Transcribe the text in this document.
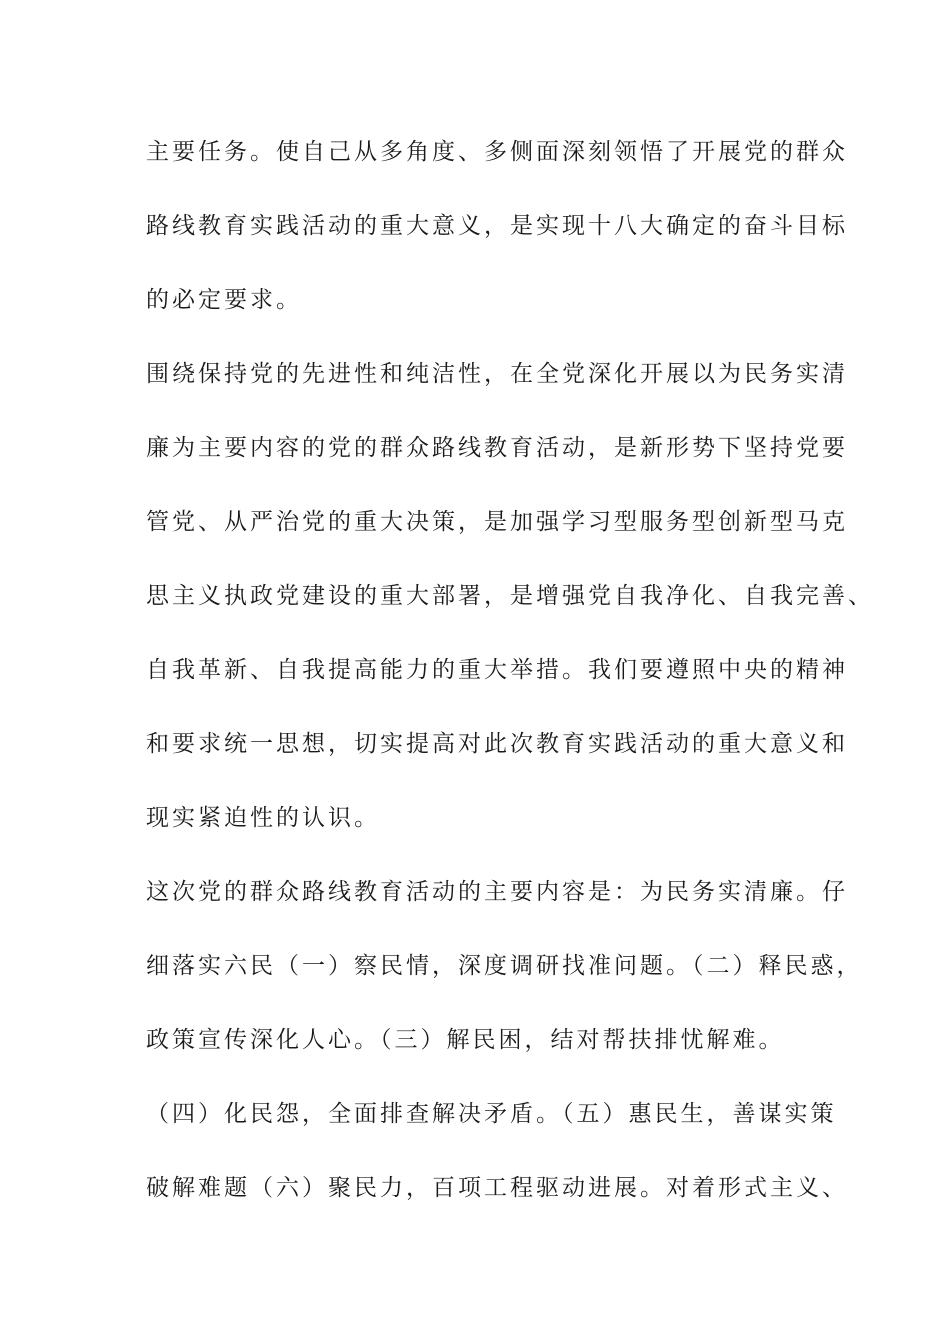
主要任务。使自己从多角度、多侧面深刻领悟了开展党的群众
路线教育实践活动的重大意义，是实现十八大确定的奋斗目标
的必定要求。
围绕保持党的先进性和纯洁性，在全党深化开展以为民务实清
廉为主要内容的党的群众路线教育活动，是新形势下坚持党要
管党、从严治党的重大决策，是加强学习型服务型创新型马克
思主义执政党建设的重大部署，是增强党自我净化、自我完善、
自我革新、自我提高能力的重大举措。我们要遵照中央的精神
和要求统一思想，切实提高对此次教育实践活动的重大意义和
现实紧迫性的认识。
这次党的群众路线教育活动的主要内容是：为民务实清廉。仔
细落实六民（一）察民情，深度调研找准问题。（二）释民惑，
政策宣传深化人心。（三）解民困，结对帮扶排忧解难。
（四）化民怨，全面排查解决矛盾。（五）惠民生，善谋实策
破解难题（六）聚民力，百项工程驱动进展。对着形式主义、
